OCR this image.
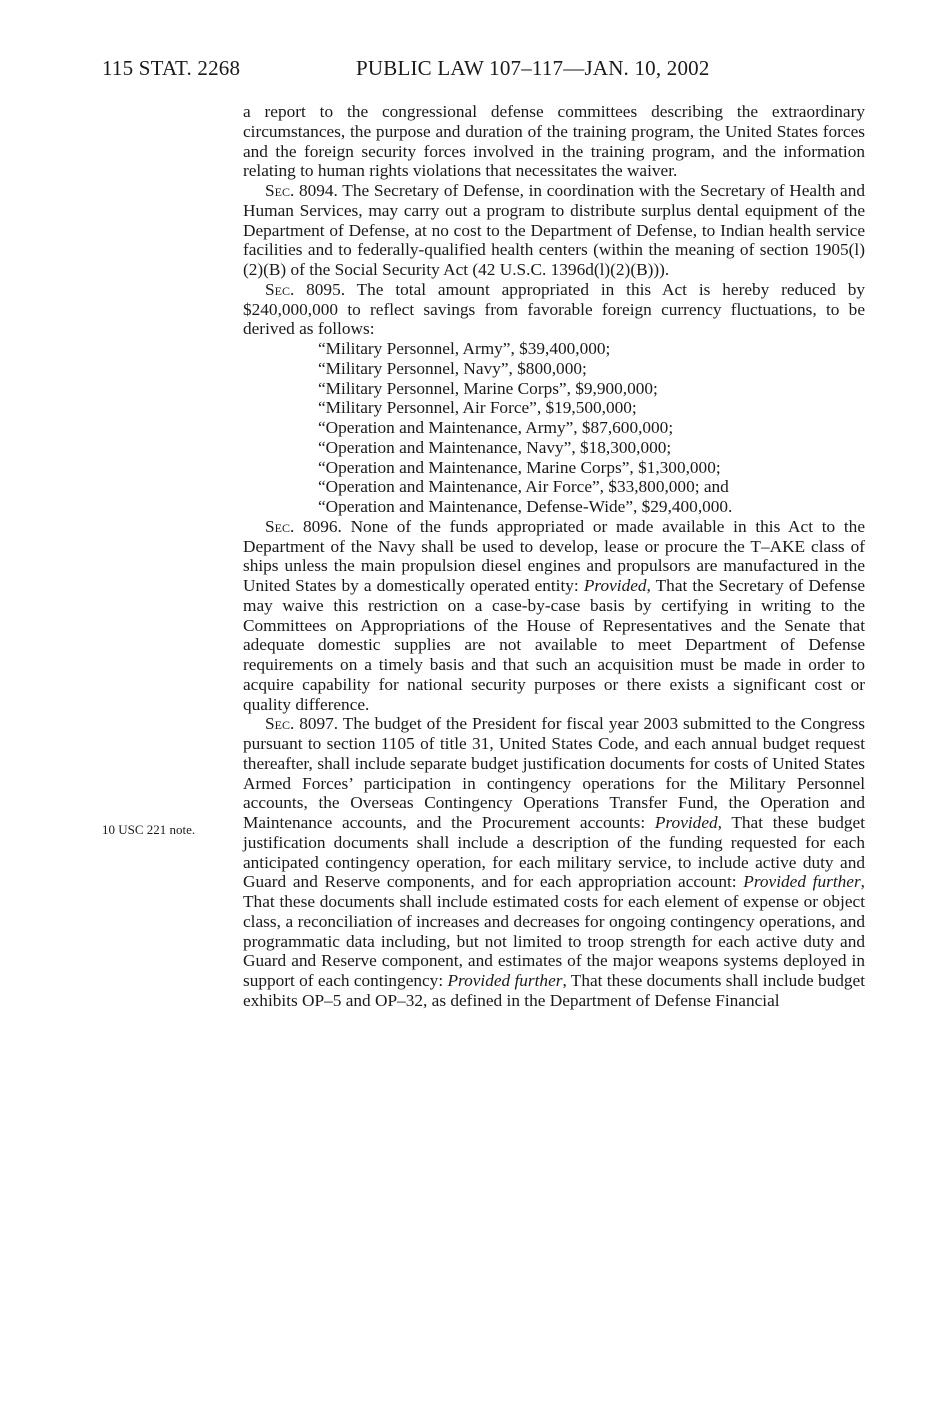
115 STAT. 2268	PUBLIC LAW 107–117—JAN. 10, 2002
10 USC 221 note.

a report to the congressional defense committees describing the extraordinary circumstances, the purpose and duration of the training program, the United States forces and the foreign security forces involved in the training program, and the information relating to human rights violations that necessitates the waiver.

Sec. 8094. The Secretary of Defense, in coordination with the Secretary of Health and Human Services, may carry out a program to distribute surplus dental equipment of the Department of Defense, at no cost to the Department of Defense, to Indian health service facilities and to federally-qualified health centers (within the meaning of section 1905(l)(2)(B) of the Social Security Act (42 U.S.C. 1396d(l)(2)(B))).

Sec. 8095. The total amount appropriated in this Act is hereby reduced by $240,000,000 to reflect savings from favorable foreign currency fluctuations, to be derived as follows:

“Military Personnel, Army”, $39,400,000;
“Military Personnel, Navy”, $800,000;
“Military Personnel, Marine Corps”, $9,900,000;
“Military Personnel, Air Force”, $19,500,000;
“Operation and Maintenance, Army”, $87,600,000;
“Operation and Maintenance, Navy”, $18,300,000;
“Operation and Maintenance, Marine Corps”, $1,300,000;
“Operation and Maintenance, Air Force”, $33,800,000; and
“Operation and Maintenance, Defense-Wide”, $29,400,000.

Sec. 8096. None of the funds appropriated or made available in this Act to the Department of the Navy shall be used to develop, lease or procure the T–AKE class of ships unless the main propulsion diesel engines and propulsors are manufactured in the United States by a domestically operated entity: Provided, That the Secretary of Defense may waive this restriction on a case-by-case basis by certifying in writing to the Committees on Appropriations of the House of Representatives and the Senate that adequate domestic supplies are not available to meet Department of Defense requirements on a timely basis and that such an acquisition must be made in order to acquire capability for national security purposes or there exists a significant cost or quality difference.

Sec. 8097. The budget of the President for fiscal year 2003 submitted to the Congress pursuant to section 1105 of title 31, United States Code, and each annual budget request thereafter, shall include separate budget justification documents for costs of United States Armed Forces’ participation in contingency operations for the Military Personnel accounts, the Overseas Contingency Operations Transfer Fund, the Operation and Maintenance accounts, and the Procurement accounts: Provided, That these budget justification documents shall include a description of the funding requested for each anticipated contingency operation, for each military service, to include active duty and Guard and Reserve components, and for each appropriation account: Provided further, That these documents shall include estimated costs for each element of expense or object class, a reconciliation of increases and decreases for ongoing contingency operations, and programmatic data including, but not limited to troop strength for each active duty and Guard and Reserve component, and estimates of the major weapons systems deployed in support of each contingency: Provided further, That these documents shall include budget exhibits OP–5 and OP–32, as defined in the Department of Defense Financial
